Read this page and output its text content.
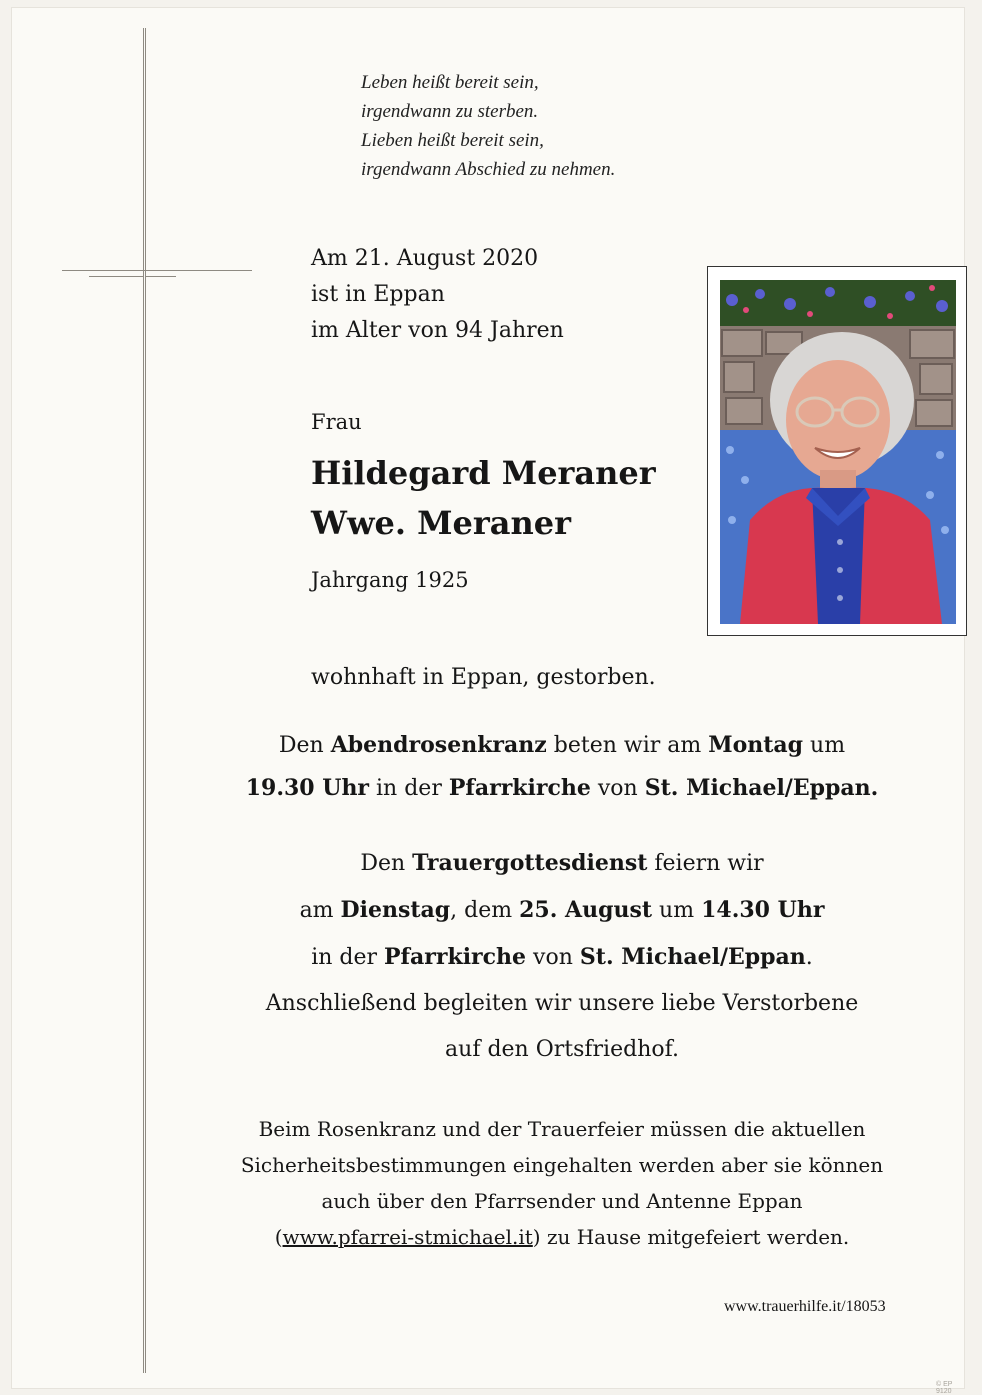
Leben heißt bereit sein,
irgendwann zu sterben.
Lieben heißt bereit sein,
irgendwann Abschied zu nehmen.
Am 21. August 2020
ist in Eppan
im Alter von 94 Jahren
Frau
Hildegard Meraner
Wwe. Meraner
Jahrgang 1925
wohnhaft in Eppan, gestorben.
Den Abendrosenkranz beten wir am Montag um
19.30 Uhr in der Pfarrkirche von St. Michael/Eppan.
Den Trauergottesdienst feiern wir
am Dienstag, dem 25. August um 14.30 Uhr
in der Pfarrkirche von St. Michael/Eppan.
Anschließend begleiten wir unsere liebe Verstorbene
auf den Ortsfriedhof.
Beim Rosenkranz und der Trauerfeier müssen die aktuellen
Sicherheitsbestimmungen eingehalten werden aber sie können
auch über den Pfarrsender und Antenne Eppan
(www.pfarrei-stmichael.it) zu Hause mitgefeiert werden.
www.trauerhilfe.it/18053
© EP 9120
